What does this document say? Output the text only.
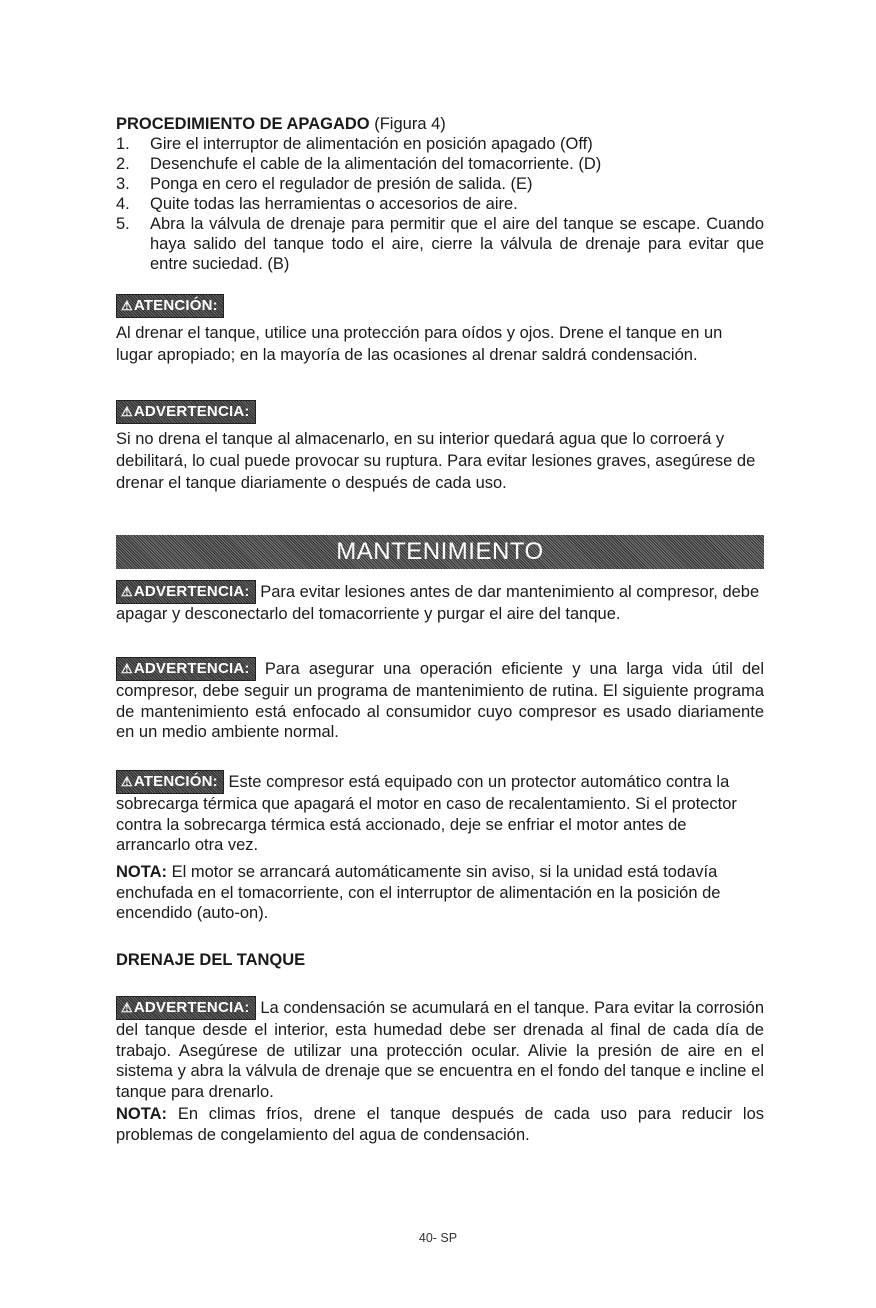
PROCEDIMIENTO DE APAGADO (Figura 4)
1.	Gire el interruptor de alimentación en posición apagado (Off)
2.	Desenchufe el cable de la alimentación del tomacorriente. (D)
3.	Ponga en cero el regulador de presión de salida. (E)
4.	Quite todas las herramientas o accesorios de aire.
5.	Abra la válvula de drenaje para permitir que el aire del tanque se escape. Cuando haya salido del tanque todo el aire, cierre la válvula de drenaje para evitar que entre suciedad. (B)
⚠ATENCIÓN:
Al drenar el tanque, utilice una protección para oídos y ojos. Drene el tanque en un lugar apropiado; en la mayoría de las ocasiones al drenar saldrá condensación.
⚠ADVERTENCIA:
Si no drena el tanque al almacenarlo, en su interior quedará agua que lo corroerá y debilitará, lo cual puede provocar su ruptura. Para evitar lesiones graves, asegúrese de drenar el tanque diariamente o después de cada uso.
MANTENIMIENTO
⚠ADVERTENCIA: Para evitar lesiones antes de dar mantenimiento al compresor, debe apagar y desconectarlo del tomacorriente y purgar el aire del tanque.
⚠ADVERTENCIA: Para asegurar una operación eficiente y una larga vida útil del compresor, debe seguir un programa de mantenimiento de rutina. El siguiente programa de mantenimiento está enfocado al consumidor cuyo compresor es usado diariamente en un medio ambiente normal.
⚠ATENCIÓN: Este compresor está equipado con un protector automático contra la sobrecarga térmica que apagará el motor en caso de recalentamiento. Si el protector contra la sobrecarga térmica está accionado, deje se enfriar el motor antes de arrancarlo otra vez.
NOTA: El motor se arrancará automáticamente sin aviso, si la unidad está todavía enchufada en el tomacorriente, con el interruptor de alimentación en la posición de encendido (auto-on).
DRENAJE DEL TANQUE
⚠ADVERTENCIA: La condensación se acumulará en el tanque. Para evitar la corrosión del tanque desde el interior, esta humedad debe ser drenada al final de cada día de trabajo. Asegúrese de utilizar una protección ocular. Alivie la presión de aire en el sistema y abra la válvula de drenaje que se encuentra en el fondo del tanque e incline el tanque para drenarlo.
NOTA: En climas fríos, drene el tanque después de cada uso para reducir los problemas de congelamiento del agua de condensación.
40- SP
